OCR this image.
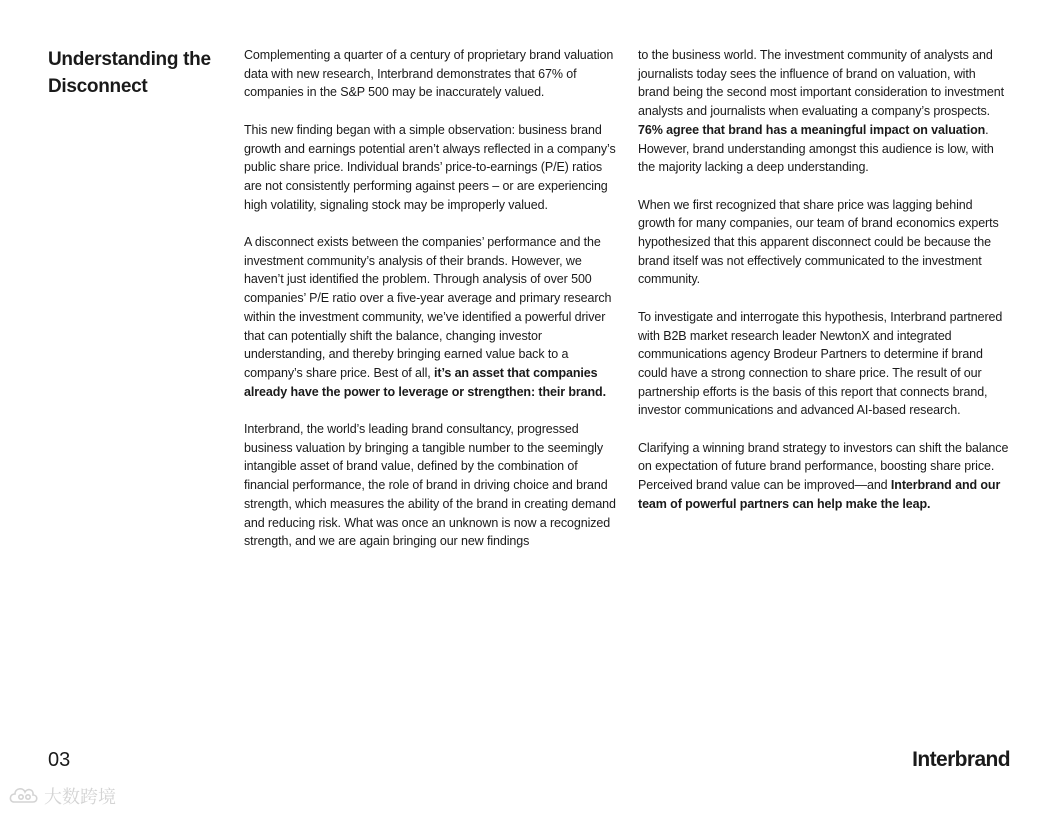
Understanding the Disconnect

Complementing a quarter of a century of proprietary brand valuation data with new research, Interbrand demonstrates that 67% of companies in the S&P 500 may be inaccurately valued.

This new finding began with a simple observation: business brand growth and earnings potential aren’t always reflected in a company’s public share price. Individual brands’ price-to-earnings (P/E) ratios are not consistently performing against peers – or are experiencing high volatility, signaling stock may be improperly valued.

A disconnect exists between the companies’ performance and the investment community’s analysis of their brands. However, we haven’t just identified the problem. Through analysis of over 500 companies’ P/E ratio over a five-year average and primary research within the investment community, we’ve identified a powerful driver that can potentially shift the balance, changing investor understanding, and thereby bringing earned value back to a company’s share price. Best of all, it’s an asset that companies already have the power to leverage or strengthen: their brand.

Interbrand, the world’s leading brand consultancy, progressed business valuation by bringing a tangible number to the seemingly intangible asset of brand value, defined by the combination of financial performance, the role of brand in driving choice and brand strength, which measures the ability of the brand in creating demand and reducing risk. What was once an unknown is now a recognized strength, and we are again bringing our new findings

to the business world. The investment community of analysts and journalists today sees the influence of brand on valuation, with brand being the second most important consideration to investment analysts and journalists when evaluating a company’s prospects. 76% agree that brand has a meaningful impact on valuation. However, brand understanding amongst this audience is low, with the majority lacking a deep understanding.

When we first recognized that share price was lagging behind growth for many companies, our team of brand economics experts hypothesized that this apparent disconnect could be because the brand itself was not effectively communicated to the investment community.

To investigate and interrogate this hypothesis, Interbrand partnered with B2B market research leader NewtonX and integrated communications agency Brodeur Partners to determine if brand could have a strong connection to share price. The result of our partnership efforts is the basis of this report that connects brand, investor communications and advanced AI-based research.

Clarifying a winning brand strategy to investors can shift the balance on expectation of future brand performance, boosting share price. Perceived brand value can be improved—and Interbrand and our team of powerful partners can help make the leap.

03	Interbrand
大数跨境
